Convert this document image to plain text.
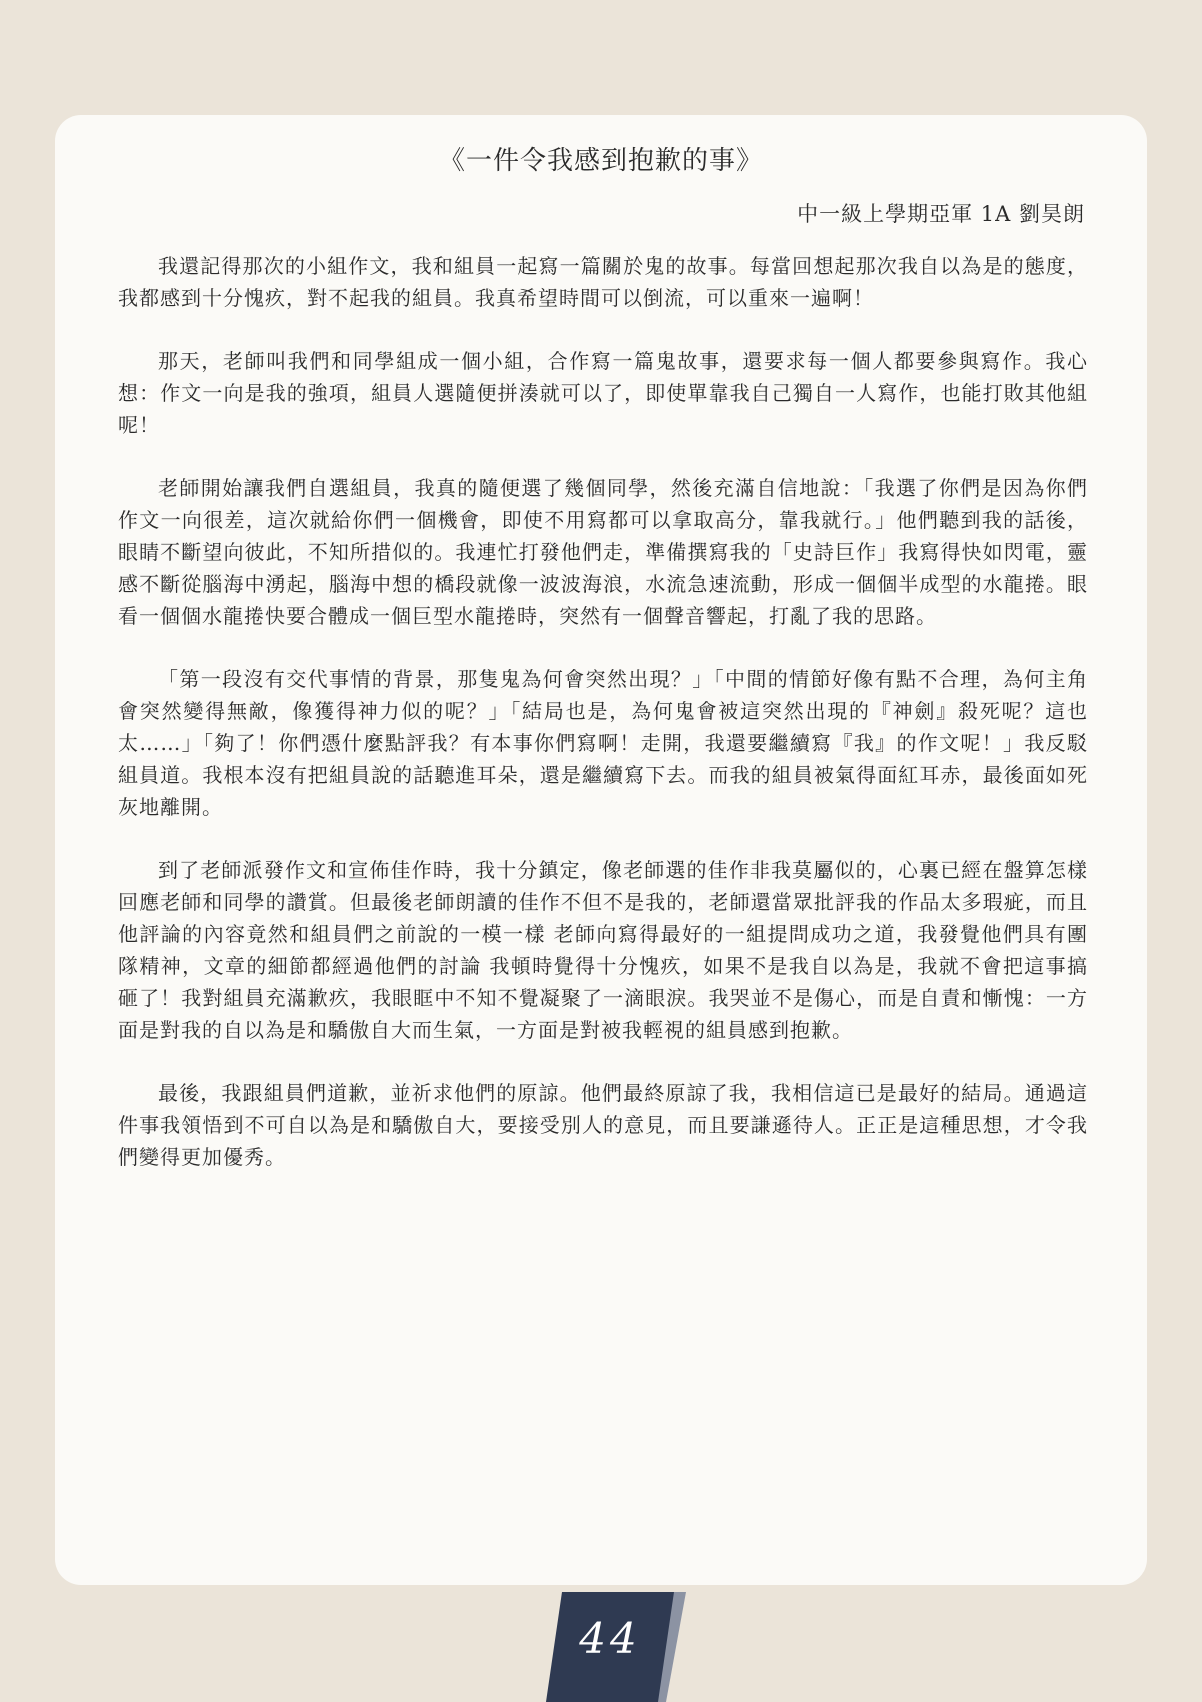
《一件令我感到抱歉的事》
中一級上學期亞軍 1A 劉昊朗

我還記得那次的小組作文，我和組員一起寫一篇關於鬼的故事。每當回想起那次我自以為是的態度，我都感到十分愧疚，對不起我的組員。我真希望時間可以倒流，可以重來一遍啊！

那天，老師叫我們和同學組成一個小組，合作寫一篇鬼故事，還要求每一個人都要參與寫作。我心想：作文一向是我的強項，組員人選隨便拼湊就可以了，即使單靠我自己獨自一人寫作，也能打敗其他組呢！

老師開始讓我們自選組員，我真的隨便選了幾個同學，然後充滿自信地說：「我選了你們是因為你們作文一向很差，這次就給你們一個機會，即使不用寫都可以拿取高分，靠我就行。」他們聽到我的話後，眼睛不斷望向彼此，不知所措似的。我連忙打發他們走，準備撰寫我的「史詩巨作」我寫得快如閃電，靈感不斷從腦海中湧起，腦海中想的橋段就像一波波海浪，水流急速流動，形成一個個半成型的水龍捲。眼看一個個水龍捲快要合體成一個巨型水龍捲時，突然有一個聲音響起，打亂了我的思路。

「第一段沒有交代事情的背景，那隻鬼為何會突然出現？」「中間的情節好像有點不合理，為何主角會突然變得無敵，像獲得神力似的呢？」「結局也是，為何鬼會被這突然出現的『神劍』殺死呢？這也太……」「夠了！你們憑什麼點評我？有本事你們寫啊！走開，我還要繼續寫『我』的作文呢！」我反駁組員道。我根本沒有把組員說的話聽進耳朵，還是繼續寫下去。而我的組員被氣得面紅耳赤，最後面如死灰地離開。

到了老師派發作文和宣佈佳作時，我十分鎮定，像老師選的佳作非我莫屬似的，心裏已經在盤算怎樣回應老師和同學的讚賞。但最後老師朗讀的佳作不但不是我的，老師還當眾批評我的作品太多瑕疵，而且他評論的內容竟然和組員們之前說的一模一樣 老師向寫得最好的一組提問成功之道，我發覺他們具有團隊精神，文章的細節都經過他們的討論 我頓時覺得十分愧疚，如果不是我自以為是，我就不會把這事搞砸了！我對組員充滿歉疚，我眼眶中不知不覺凝聚了一滴眼淚。我哭並不是傷心，而是自責和慚愧：一方面是對我的自以為是和驕傲自大而生氣，一方面是對被我輕視的組員感到抱歉。

最後，我跟組員們道歉，並祈求他們的原諒。他們最終原諒了我，我相信這已是最好的結局。通過這件事我領悟到不可自以為是和驕傲自大，要接受別人的意見，而且要謙遜待人。正正是這種思想，才令我們變得更加優秀。

44
